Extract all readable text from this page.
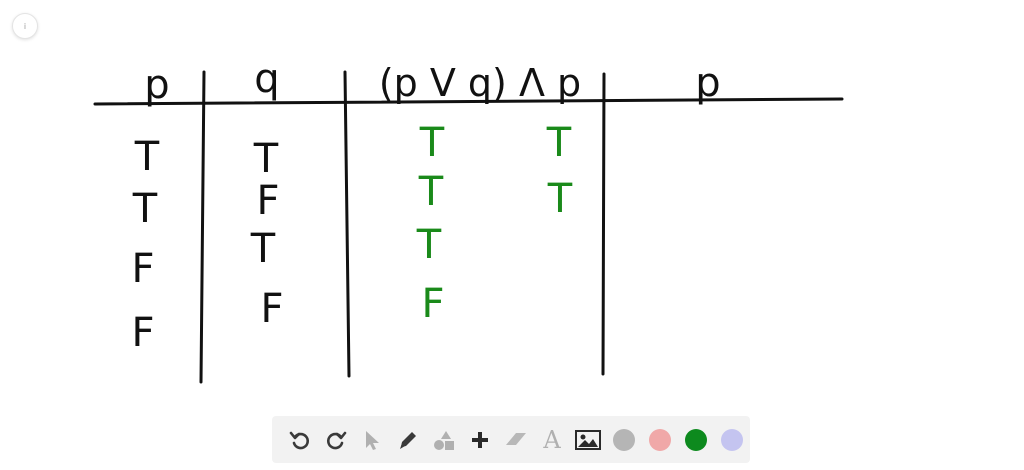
i
p q	(p V q) Λ p	p
T
T
F
F
T
F
T
F
T
T
T
F
T
T
A
